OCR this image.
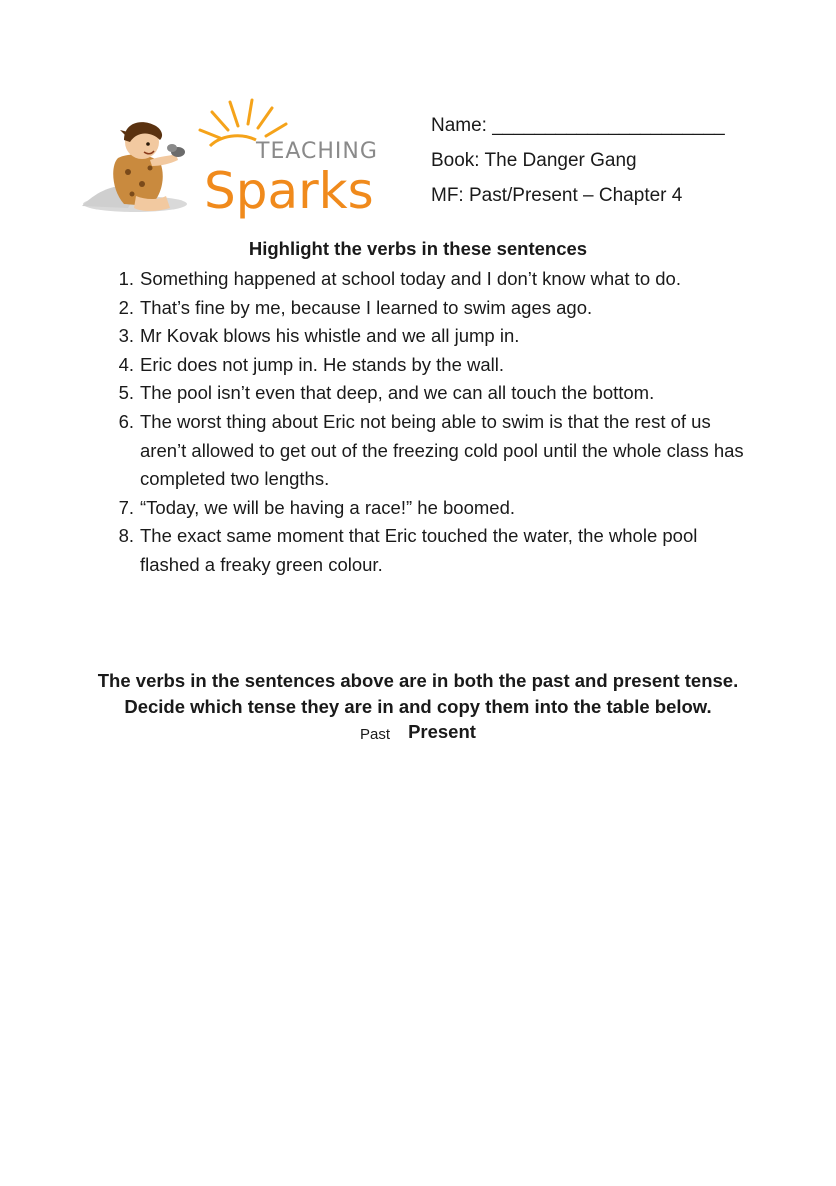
TEACHING
Sparks
Name: ______________________
Book: The Danger Gang
MF: Past/Present – Chapter 4
Highlight the verbs in these sentences
1. Something happened at school today and I don’t know what to do.
2. That’s fine by me, because I learned to swim ages ago.
3. Mr Kovak blows his whistle and we all jump in.
4. Eric does not jump in. He stands by the wall.
5. The pool isn’t even that deep, and we can all touch the bottom.
6. The worst thing about Eric not being able to swim is that the rest of us aren’t allowed to get out of the freezing cold pool until the whole class has completed two lengths.
7. “Today, we will be having a race!” he boomed.
8. The exact same moment that Eric touched the water, the whole pool flashed a freaky green colour.
The verbs in the sentences above are in both the past and present tense.
Decide which tense they are in and copy them into the table below.
Past Present
